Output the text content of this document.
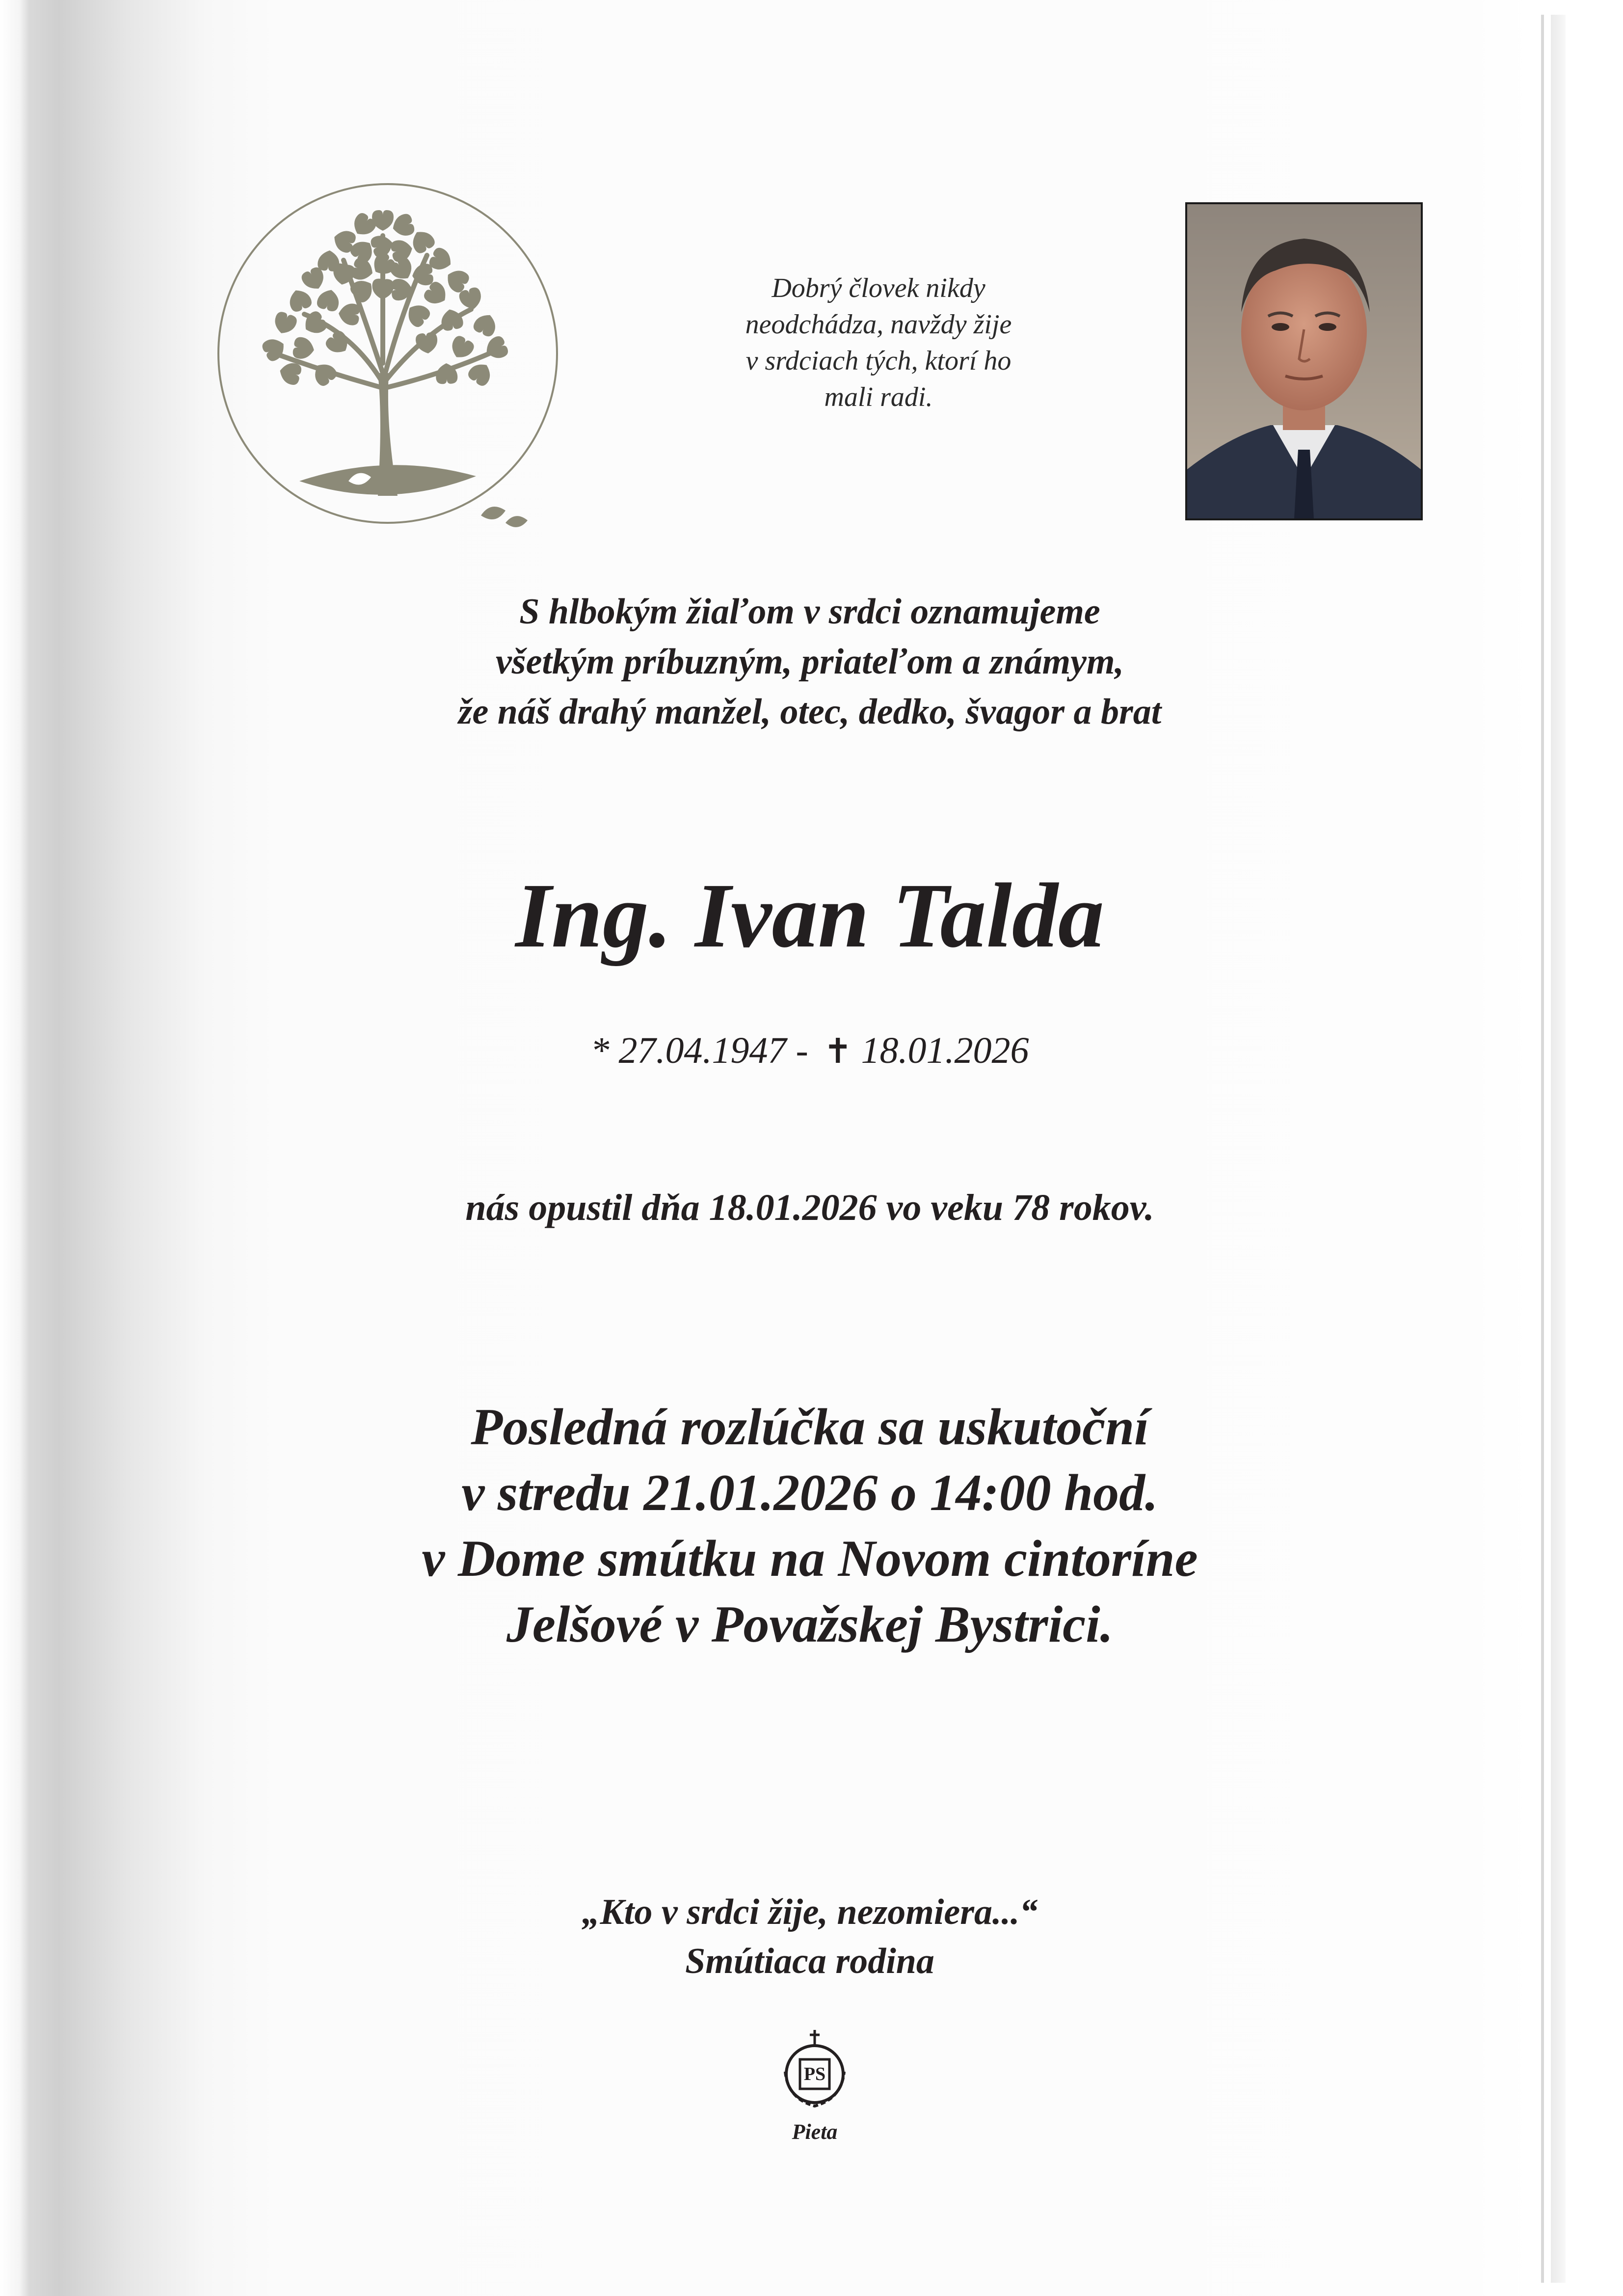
Dobrý človek nikdy
neodchádza, navždy žije
v srdciach tých, ktorí ho
mali radi.
S hlbokým žiaľom v srdci oznamujeme
všetkým príbuzným, priateľom a známym,
že náš drahý manžel, otec, dedko, švagor a brat
Ing. Ivan Talda
* 27.04.1947 - ✝ 18.01.2026
nás opustil dňa 18.01.2026 vo veku 78 rokov.
Posledná rozlúčka sa uskutoční
v stredu 21.01.2026 o 14:00 hod.
v Dome smútku na Novom cintoríne
Jelšové v Považskej Bystrici.
„Kto v srdci žije, nezomiera...“
Smútiaca rodina
PS
Pieta
